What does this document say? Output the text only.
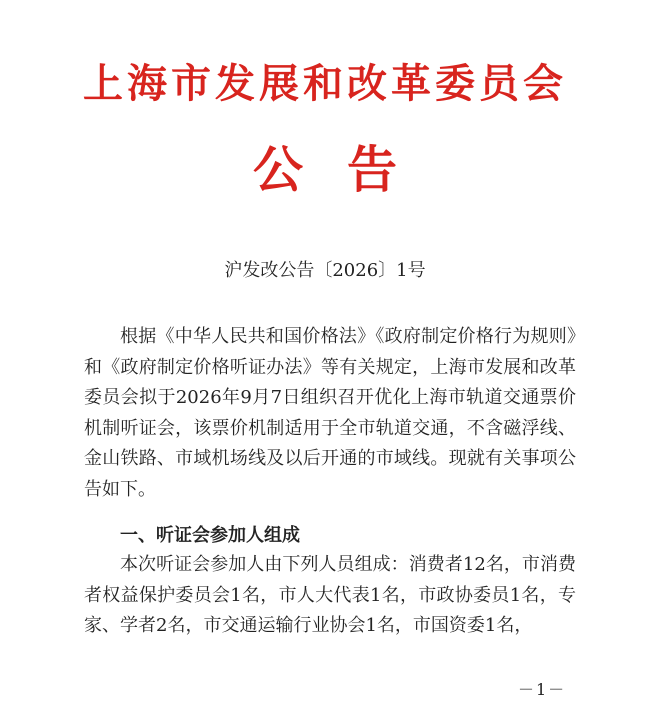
上海市发展和改革委员会
公告
沪发改公告〔2026〕1号
根据《中华人民共和国价格法》《政府制定价格行为规则》和《政府制定价格听证办法》等有关规定，上海市发展和改革委员会拟于2026年9月7日组织召开优化上海市轨道交通票价机制听证会，该票价机制适用于全市轨道交通，不含磁浮线、金山铁路、市域机场线及以后开通的市域线。现就有关事项公告如下。
一、听证会参加人组成
本次听证会参加人由下列人员组成：消费者12名，市消费者权益保护委员会1名，市人大代表1名，市政协委员1名，专家、学者2名，市交通运输行业协会1名，市国资委1名，
－1－
